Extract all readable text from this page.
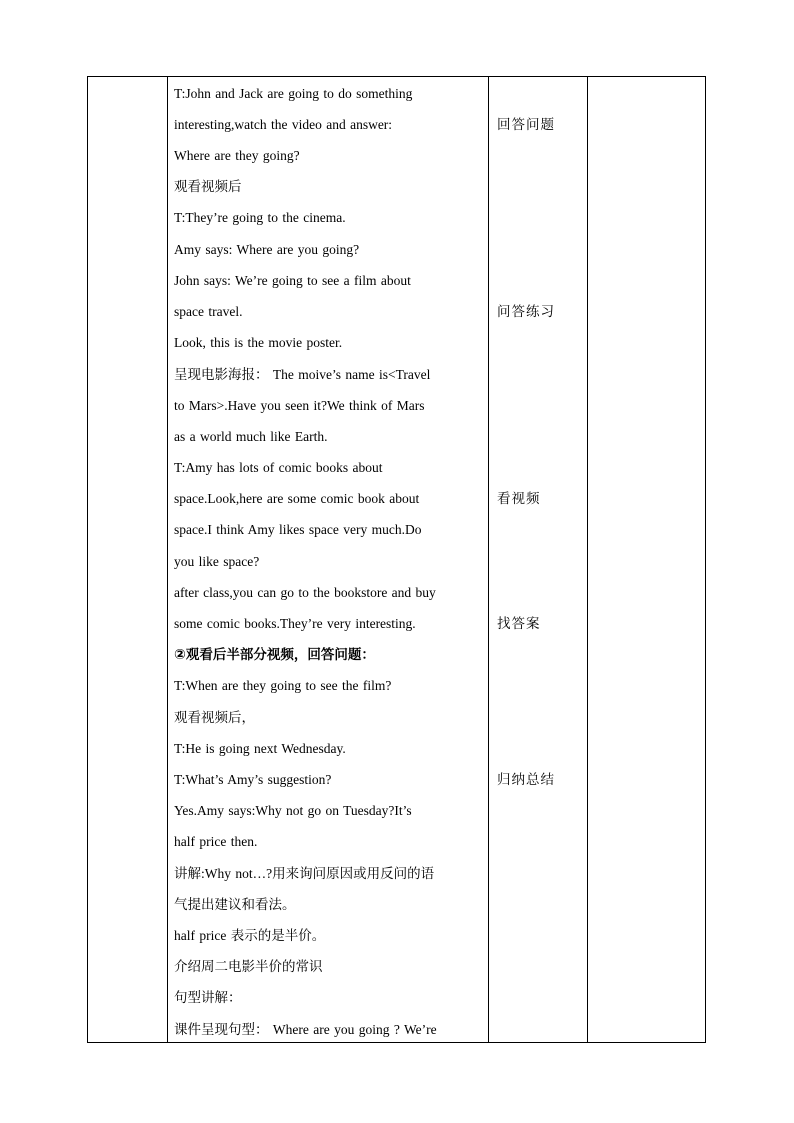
T:John and Jack are going to do something
interesting,watch the video and answer:
Where are they going?
观看视频后
T:They’re going to the cinema.
Amy says: Where are you going?
John says: We’re going to see a film about
space travel.
Look, this is the movie poster.
呈现电影海报： The moive’s name is<Travel
to Mars>.Have you seen it?We think of Mars
as a world much like Earth.
T:Amy has lots of comic books about
space.Look,here are some comic book about
space.I think Amy likes space very much.Do
you like space?
after class,you can go to the bookstore and buy
some comic books.They’re very interesting.
②观看后半部分视频，回答问题：
T:When are they going to see the film?
观看视频后，
T:He is going next Wednesday.
T:What’s Amy’s suggestion?
Yes.Amy says:Why not go on Tuesday?It’s
half price then.
讲解:Why not…?用来询问原因或用反问的语
气提出建议和看法。
half price 表示的是半价。
介绍周二电影半价的常识
句型讲解：
课件呈现句型： Where are you going ? We’re
回答问题
问答练习
看视频
找答案
归纳总结
